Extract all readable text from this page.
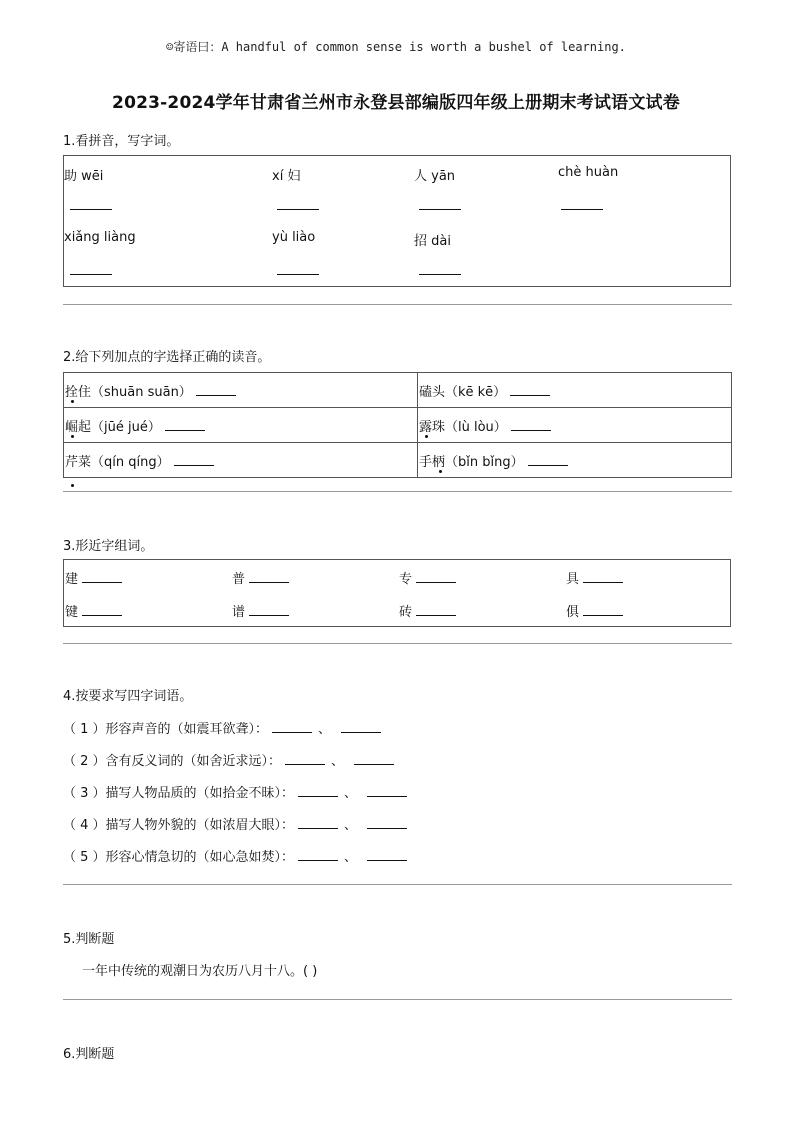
☺寄语曰：A handful of common sense is worth a bushel of learning.
2023-2024学年甘肃省兰州市永登县部编版四年级上册期末考试语文试卷
1.看拼音，写字词。
助 wēi	xí 妇	人 yān	chè huàn
xiǎng liàng	yù liào	招 dài
2.给下列加点的字选择正确的读音。
拴住（shuān suān）	磕头（kē kē）
崛起（jūé jué）	露珠（lù lòu）

芹菜（qín qíng）	手柄（bǐn bǐng）
3.形近字组词。
建	普	专	具
键	谱	砖	俱
4.按要求写四字词语。
（ 1 ）形容声音的（如震耳欲聋）：	、
（ 2 ）含有反义词的（如舍近求远）：	、
（ 3 ）描写人物品质的（如拾金不昧）：	、
（ 4 ）描写人物外貌的（如浓眉大眼）：	、
（ 5 ）形容心情急切的（如心急如焚）：	、
5.判断题
一年中传统的观潮日为农历八月十八。( )
6.判断题
